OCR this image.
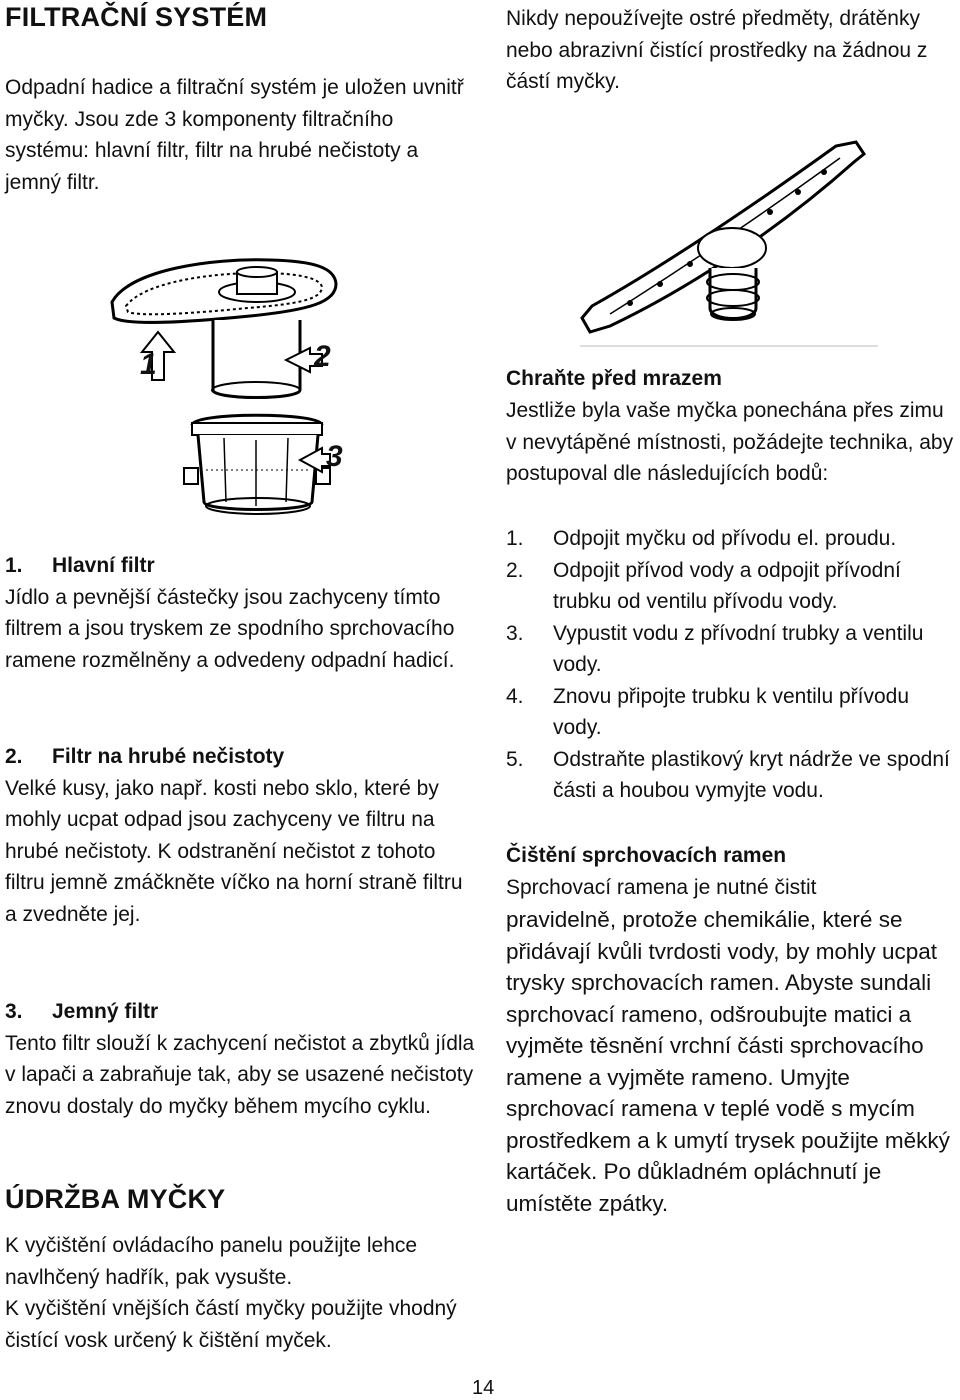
FILTRAČNÍ SYSTÉM

Odpadní hadice a filtrační systém je uložen uvnitř myčky. Jsou zde 3 komponenty filtračního systému: hlavní filtr, filtr na hrubé nečistoty a jemný filtr.

1	2
3
1. Hlavní filtr

Jídlo a pevnější částečky jsou zachyceny tímto filtrem a jsou tryskem ze spodního sprchovacího ramene rozmělněny a odvedeny odpadní hadicí.

2. Filtr na hrubé nečistoty

Velké kusy, jako např. kosti nebo sklo, které by mohly ucpat odpad jsou zachyceny ve filtru na hrubé nečistoty. K odstranění nečistot z tohoto filtru jemně zmáčkněte víčko na horní straně filtru a zvedněte jej.

3. Jemný filtr

Tento filtr slouží k zachycení nečistot a zbytků jídla v lapači a zabraňuje tak, aby se usazené nečistoty znovu dostaly do myčky během mycího cyklu.

ÚDRŽBA MYČKY

K vyčištění ovládacího panelu použijte lehce navlhčený hadřík, pak vysušte.

K vyčištění vnějších částí myčky použijte vhodný čistící vosk určený k čištění myček.

Nikdy nepoužívejte ostré předměty, drátěnky nebo abrazivní čistící prostředky na žádnou z částí myčky.

Chraňte před mrazem

Jestliže byla vaše myčka ponechána přes zimu v nevytápěné místnosti, požádejte technika, aby postupoval dle následujících bodů:

1.	Odpojit myčku od přívodu el. proudu.
2.	Odpojit přívod vody a odpojit přívodní trubku od ventilu přívodu vody.
3.	Vypustit vodu z přívodní trubky a ventilu vody.
4.	Znovu připojte trubku k ventilu přívodu vody.
5.	Odstraňte plastikový kryt nádrže ve spodní části a houbou vymyjte vodu.
Čištění sprchovacích ramen

Sprchovací ramena je nutné čistit

pravidelně, protože chemikálie, které se přidávají kvůli tvrdosti vody, by mohly ucpat trysky sprchovacích ramen. Abyste sundali sprchovací rameno, odšroubujte matici a vyjměte těsnění vrchní části sprchovacího ramene a vyjměte rameno. Umyjte sprchovací ramena v teplé vodě s mycím prostředkem a k umytí trysek použijte měkký kartáček. Po důkladném opláchnutí je umístěte zpátky.

14
